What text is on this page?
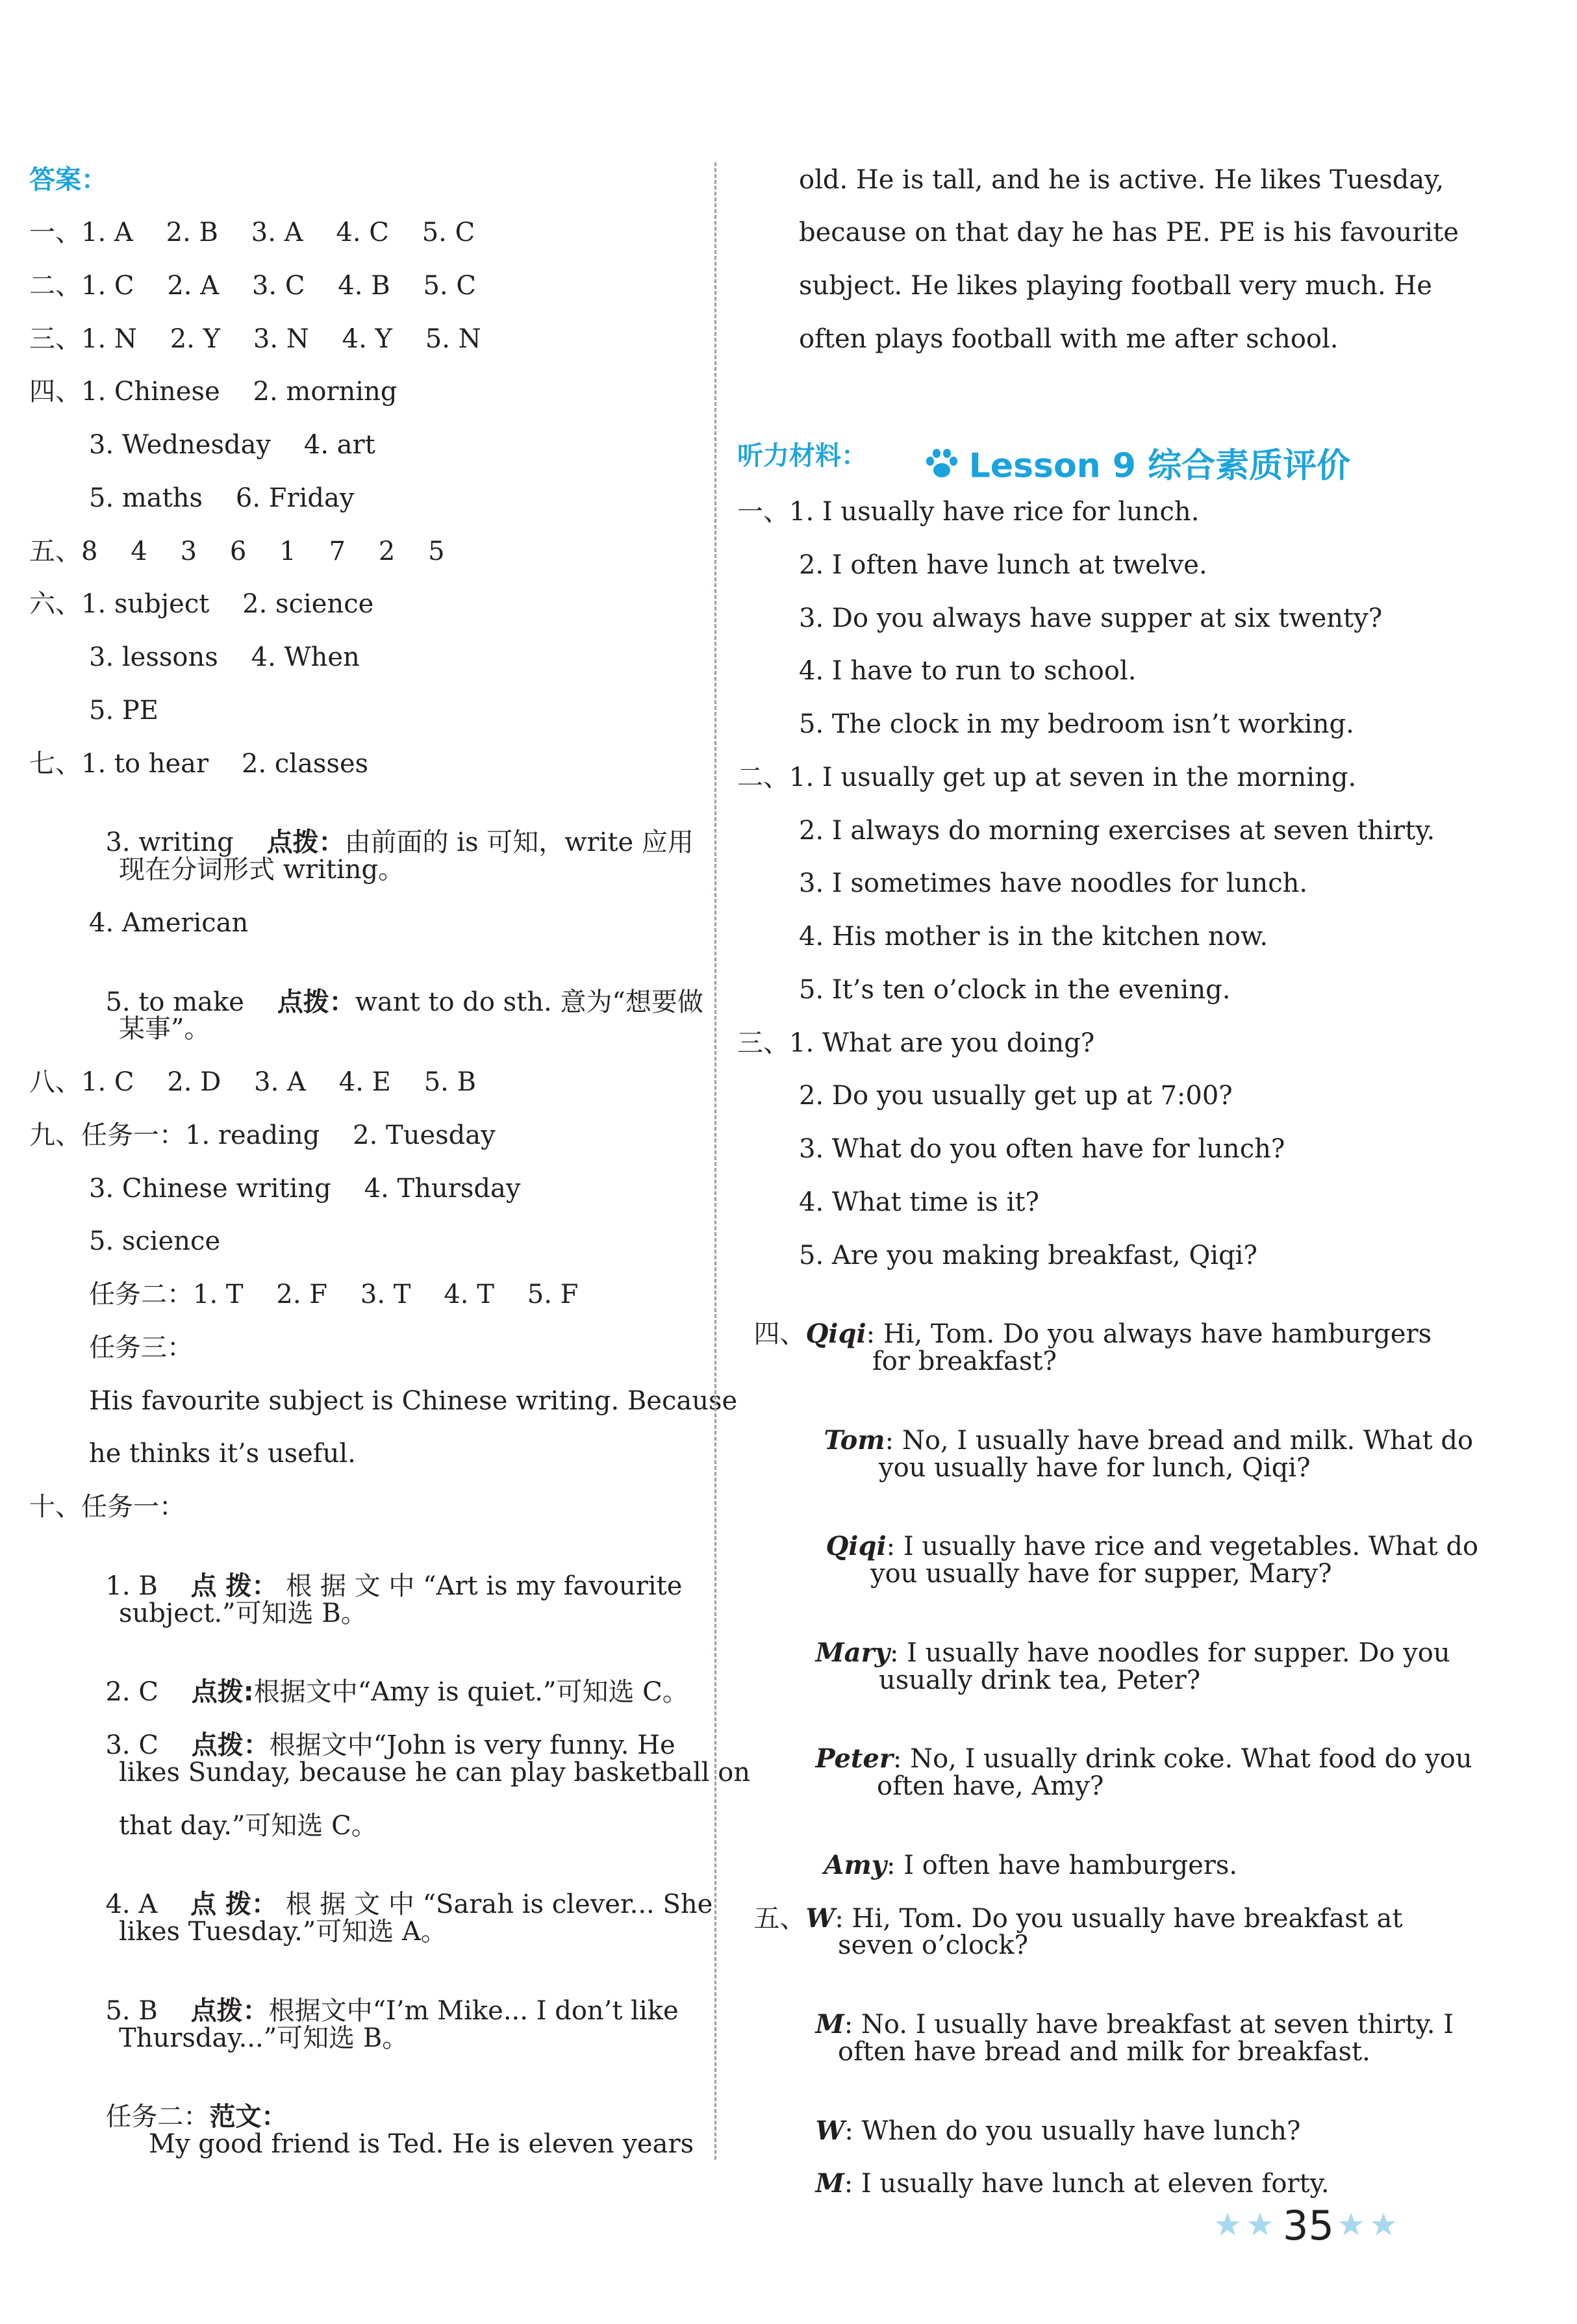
答案：
一、1. A    2. B    3. A    4. C    5. C
二、1. C    2. A    3. C    4. B    5. C
三、1. N    2. Y    3. N    4. Y    5. N
四、1. Chinese    2. morning
3. Wednesday    4. art
5. maths    6. Friday
五、8    4    3    6    1    7    2    5
六、1. subject    2. science
3. lessons    4. When
5. PE
七、1. to hear    2. classes

3. writing 点拨：由前面的 is 可知，write 应用

现在分词形式 writing。
4. American

5. to make 点拨：want to do sth. 意为“想要做

某事”。
八、1. C    2. D    3. A    4. E    5. B
九、任务一：1. reading    2. Tuesday
3. Chinese writing    4. Thursday
5. science
任务二：1. T    2. F    3. T    4. T    5. F
任务三：
His favourite subject is Chinese writing. Because
he thinks it’s useful.
十、任务一：

1. B 点 拨： 根 据 文 中 “Art is my favourite

subject.”可知选 B。

2. C 点拨:根据文中“Amy is quiet.”可知选 C。

3. C 点拨：根据文中“John is very funny. He

likes Sunday, because he can play basketball on
that day.”可知选 C。

4. A 点 拨： 根 据 文 中 “Sarah is clever... She

likes Tuesday.”可知选 A。

5. B 点拨：根据文中“I’m Mike... I don’t like

Thursday...”可知选 B。

任务二：范文：

My good friend is Ted. He is eleven years
old. He is tall, and he is active. He likes Tuesday,
because on that day he has PE. PE is his favourite
subject. He likes playing football very much. He
often plays football with me after school.

Lesson 9 综合素质评价

听力材料：
一、1. I usually have rice for lunch.
2. I often have lunch at twelve.
3. Do you always have supper at six twenty?
4. I have to run to school.
5. The clock in my bedroom isn’t working.
二、1. I usually get up at seven in the morning.
2. I always do morning exercises at seven thirty.
3. I sometimes have noodles for lunch.
4. His mother is in the kitchen now.
5. It’s ten o’clock in the evening.
三、1. What are you doing?
2. Do you usually get up at 7:00?
3. What do you often have for lunch?
4. What time is it?
5. Are you making breakfast, Qiqi?

四、Qiqi: Hi, Tom. Do you always have hamburgers

for breakfast?

Tom: No, I usually have bread and milk. What do

you usually have for lunch, Qiqi?

Qiqi: I usually have rice and vegetables. What do

you usually have for supper, Mary?

Mary: I usually have noodles for supper. Do you

usually drink tea, Peter?

Peter: No, I usually drink coke. What food do you

often have, Amy?

Amy: I often have hamburgers.

五、W: Hi, Tom. Do you usually have breakfast at

seven o’clock?

M: No. I usually have breakfast at seven thirty. I

often have bread and milk for breakfast.

W: When do you usually have lunch?

M: I usually have lunch at eleven forty.

35
